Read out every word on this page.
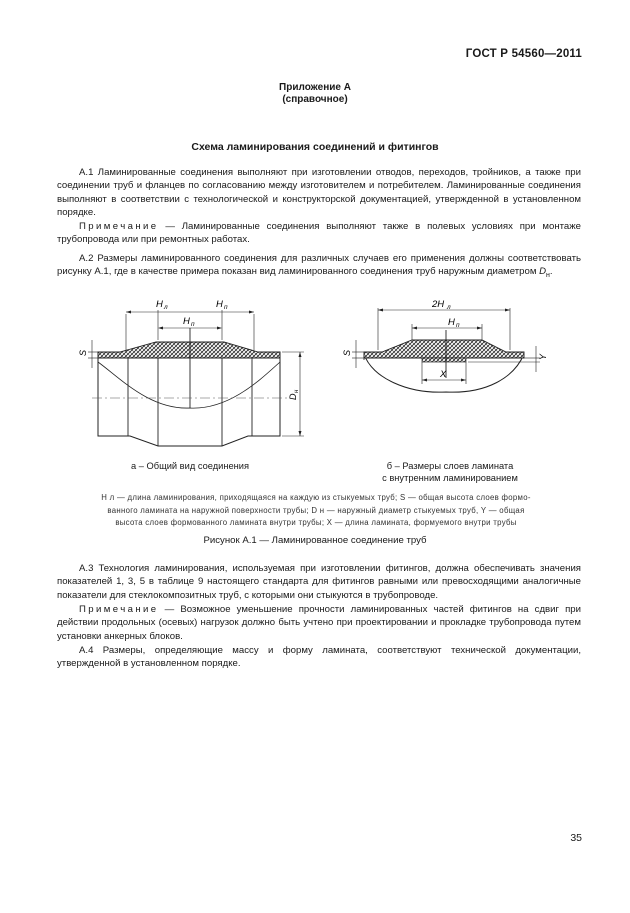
ГОСТ Р 54560—2011
Приложение А
(справочное)
Схема ламинирования соединений и фитингов

А.1 Ламинированные соединения выполняют при изготовлении отводов, переходов, тройников, а также при соединении труб и фланцев по согласованию между изготовителем и потребителем. Ламинированные соединения выполняют в соответствии с технологической и конструкторской документацией, утвержденной в установленном порядке.

Примечание — Ламинированные соединения выполняют также в полевых условиях при монтаже трубопровода или при ремонтных работах.

А.2 Размеры ламинированного соединения для различных случаев его применения должны соответствовать рисунку А.1, где в качестве примера показан вид ламинированного соединения труб наружным диаметром $D_н$.

Н л	Н п
Н п
S
D
н
2Н л
Н п
S
Y
X
а – Общий вид соединения	б – Размеры слоев ламината
с внутренним ламинированием
Н л — длина ламинирования, приходящаяся на каждую из стыкуемых труб; S — общая высота слоев формо-
ванного ламината на наружной поверхности трубы; D н — наружный диаметр стыкуемых труб, Y — общая
высота слоев формованного ламината внутри трубы; X — длина ламината, формуемого внутри трубы
Рисунок А.1 — Ламинированное соединение труб

А.3 Технология ламинирования, используемая при изготовлении фитингов, должна обеспечивать значения показателей 1, 3, 5 в таблице 9 настоящего стандарта для фитингов равными или превосходящими аналогичные показатели для стеклокомпозитных труб, с которыми они стыкуются в трубопроводе.

Примечание — Возможное уменьшение прочности ламинированных частей фитингов на сдвиг при действии продольных (осевых) нагрузок должно быть учтено при проектировании и прокладке трубопровода путем установки анкерных блоков.

А.4 Размеры, определяющие массу и форму ламината, соответствуют технической документации, утвержденной в установленном порядке.

35
